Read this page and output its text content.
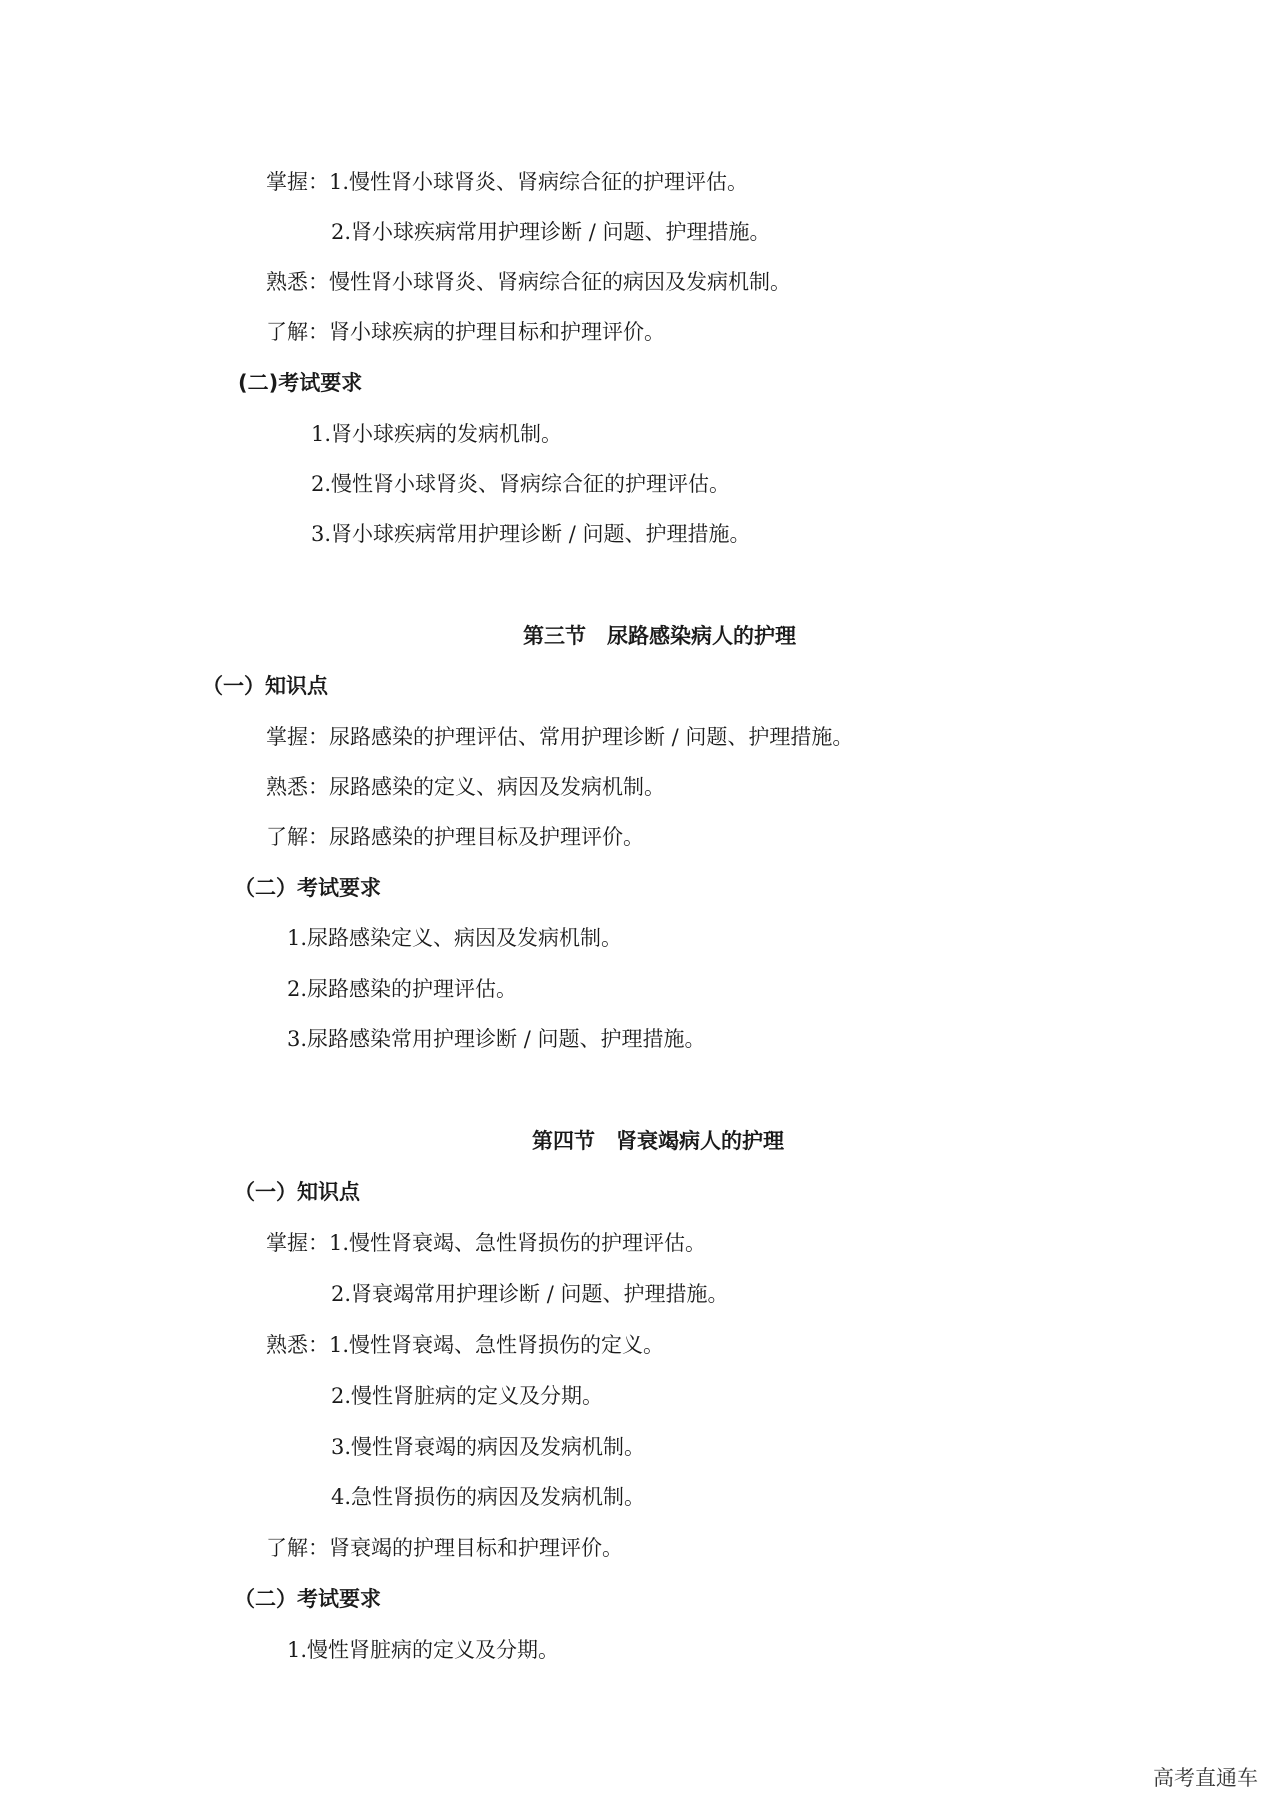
掌握：1.慢性肾小球肾炎、肾病综合征的护理评估。
2.肾小球疾病常用护理诊断 / 问题、护理措施。
熟悉：慢性肾小球肾炎、肾病综合征的病因及发病机制。
了解：肾小球疾病的护理目标和护理评价。
(二)考试要求
1.肾小球疾病的发病机制。
2.慢性肾小球肾炎、肾病综合征的护理评估。
3.肾小球疾病常用护理诊断 / 问题、护理措施。
第三节　尿路感染病人的护理
（一）知识点
掌握：尿路感染的护理评估、常用护理诊断 / 问题、护理措施。
熟悉：尿路感染的定义、病因及发病机制。
了解：尿路感染的护理目标及护理评价。
（二）考试要求
1.尿路感染定义、病因及发病机制。
2.尿路感染的护理评估。
3.尿路感染常用护理诊断 / 问题、护理措施。
第四节　肾衰竭病人的护理
（一）知识点
掌握：1.慢性肾衰竭、急性肾损伤的护理评估。
2.肾衰竭常用护理诊断 / 问题、护理措施。
熟悉：1.慢性肾衰竭、急性肾损伤的定义。
2.慢性肾脏病的定义及分期。
3.慢性肾衰竭的病因及发病机制。
4.急性肾损伤的病因及发病机制。
了解：肾衰竭的护理目标和护理评价。
（二）考试要求
1.慢性肾脏病的定义及分期。
高考直通车
